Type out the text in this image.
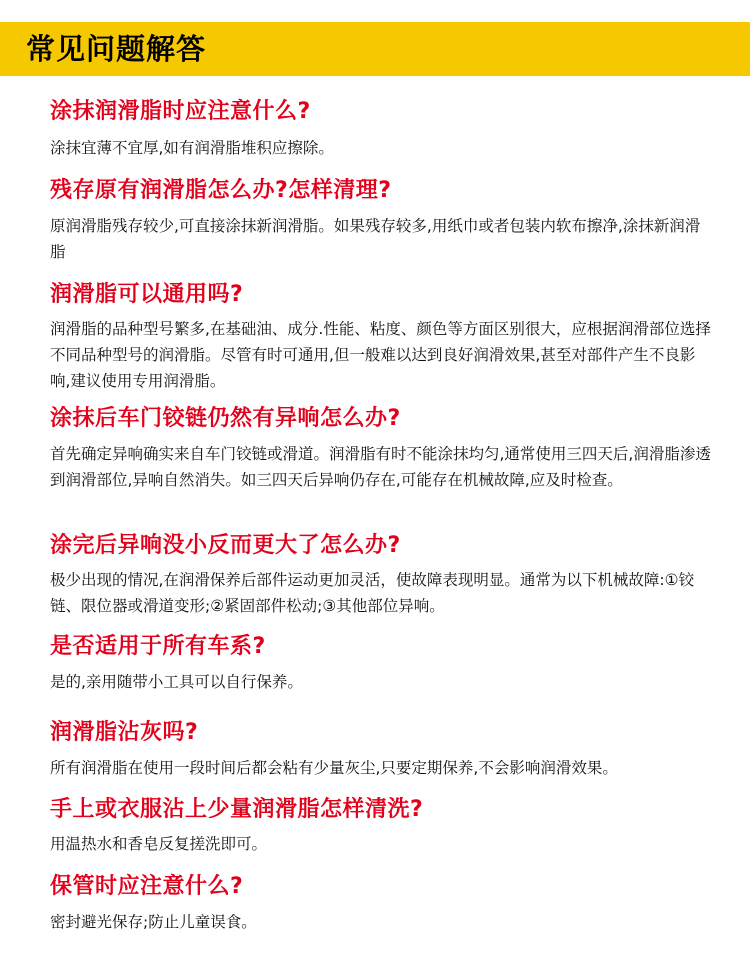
常见问题解答
涂抹润滑脂时应注意什么?
涂抹宜薄不宜厚,如有润滑脂堆积应擦除。
残存原有润滑脂怎么办?怎样清理?
原润滑脂残存较少,可直接涂抹新润滑脂。如果残存较多,用纸巾或者包装内软布擦净,涂抹新润滑脂
润滑脂可以通用吗?
润滑脂的品种型号繁多,在基础油、成分.性能、粘度、颜色等方面区别很大，应根据润滑部位选择不同品种型号的润滑脂。尽管有时可通用,但一般难以达到良好润滑效果,甚至对部件产生不良影响,建议使用专用润滑脂。
涂抹后车门铰链仍然有异响怎么办?
首先确定异响确实来自车门铰链或滑道。润滑脂有时不能涂抹均匀,通常使用三四天后,润滑脂渗透到润滑部位,异响自然消失。如三四天后异响仍存在,可能存在机械故障,应及时检查。
涂完后异响没小反而更大了怎么办?
极少出现的情况,在润滑保养后部件运动更加灵活，使故障表现明显。通常为以下机械故障:①铰链、限位器或滑道变形;②紧固部件松动;③其他部位异响。
是否适用于所有车系?
是的,亲用随带小工具可以自行保养。
润滑脂沾灰吗?
所有润滑脂在使用一段时间后都会粘有少量灰尘,只要定期保养,不会影响润滑效果。
手上或衣服沾上少量润滑脂怎样清洗?
用温热水和香皂反复搓洗即可。
保管时应注意什么?
密封避光保存;防止儿童误食。
